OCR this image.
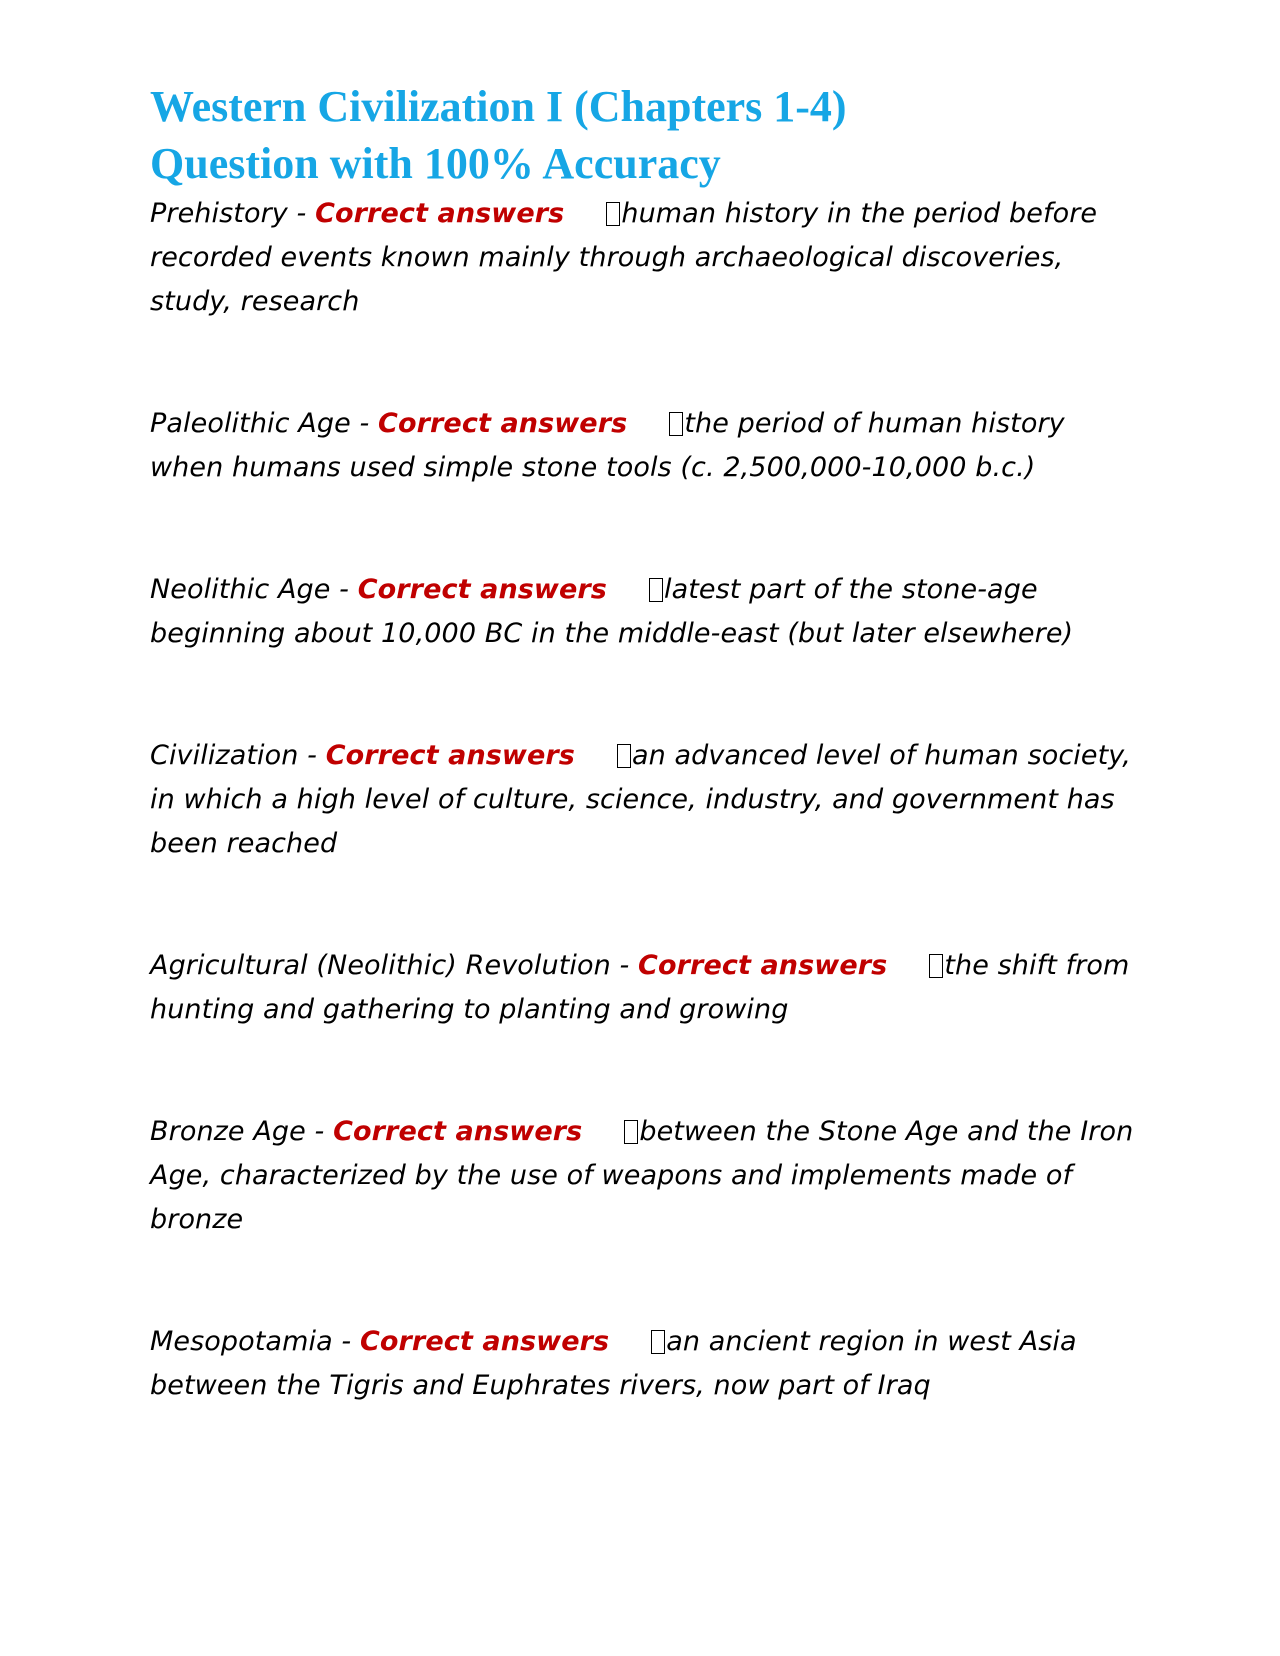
Western Civilization I (Chapters 1-4)
Question with 100% Accuracy

Prehistory - Correct answers human history in the period before recorded events known mainly through archaeological discoveries, study, research

Paleolithic Age - Correct answers the period of human history when humans used simple stone tools (c. 2,500,000-10,000 b.c.)

Neolithic Age - Correct answers latest part of the stone-age beginning about 10,000 BC in the middle-east (but later elsewhere)

Civilization - Correct answers an advanced level of human society, in which a high level of culture, science, industry, and government has been reached

Agricultural (Neolithic) Revolution - Correct answers the shift from hunting and gathering to planting and growing

Bronze Age - Correct answers between the Stone Age and the Iron Age, characterized by the use of weapons and implements made of bronze

Mesopotamia - Correct answers an ancient region in west Asia between the Tigris and Euphrates rivers, now part of Iraq
